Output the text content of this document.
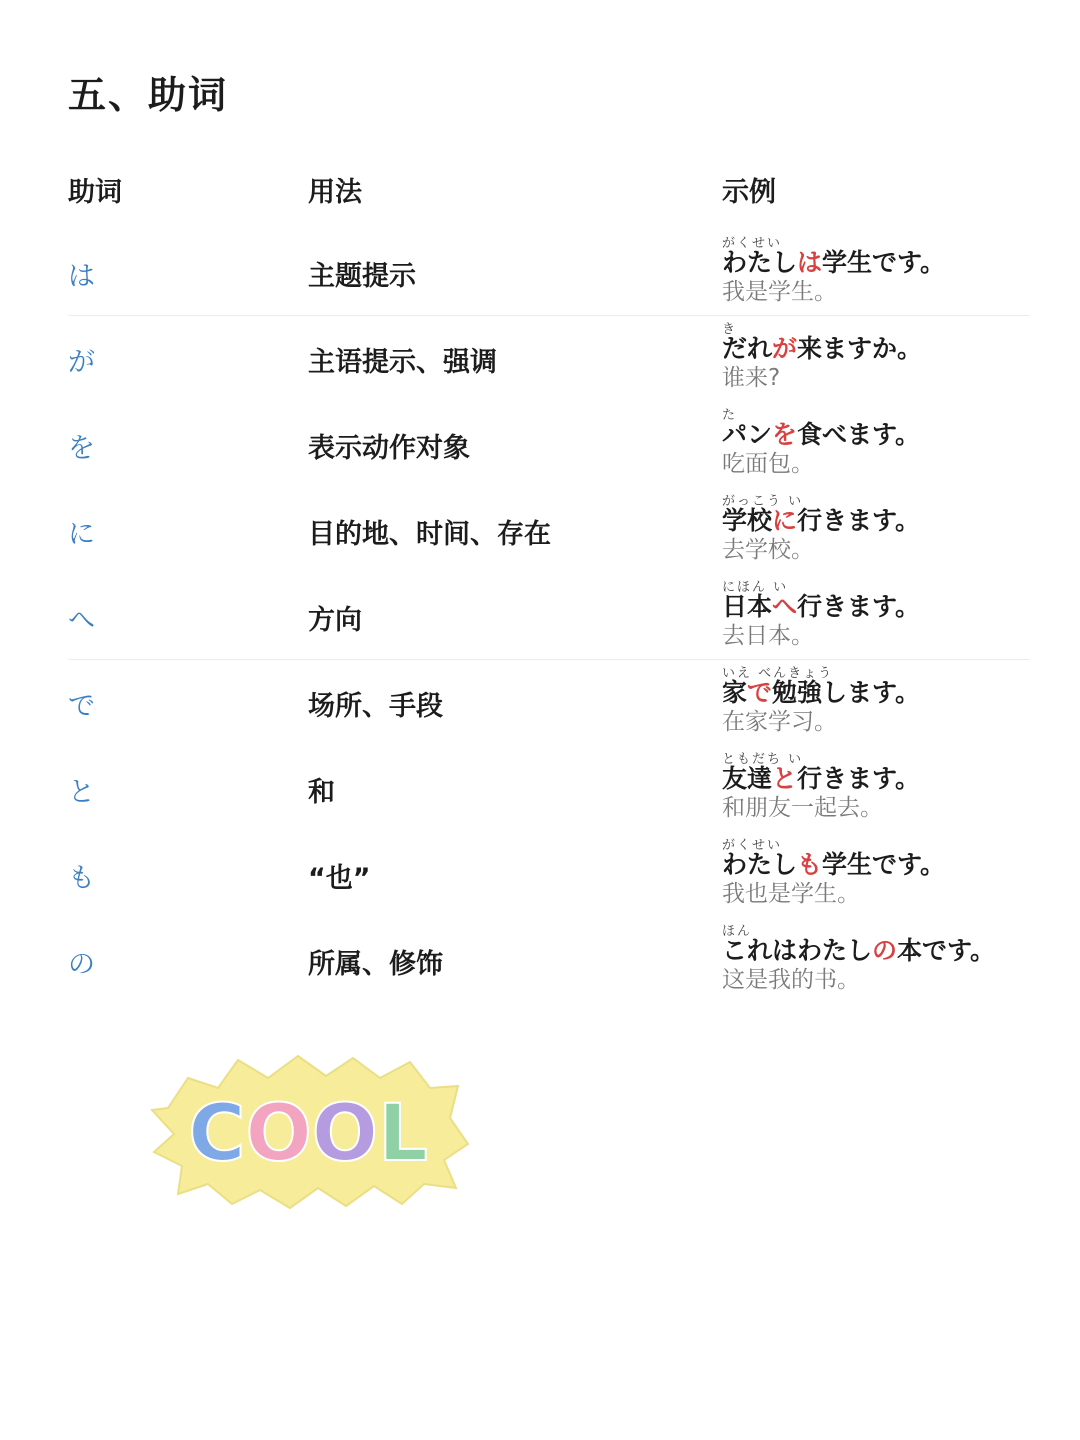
五、助词
助词	用法	示例
は	主题提示
がくせい
わたしは学生です。
我是学生。
が	主语提示、强调
き
だれが来ますか。
谁来?
を	表示动作对象
た
パンを食べます。
吃面包。
に	目的地、时间、存在
がっこう い
学校に行きます。
去学校。
へ	方向
にほん い
日本へ行きます。
去日本。
で	场所、手段
いえ べんきょう
家で勉強します。
在家学习。
と	和
ともだち い
友達と行きます。
和朋友一起去。
も	“也”
がくせい
わたしも学生です。
我也是学生。
の	所属、修饰
ほん
これはわたしの本です。
这是我的书。
COOL
